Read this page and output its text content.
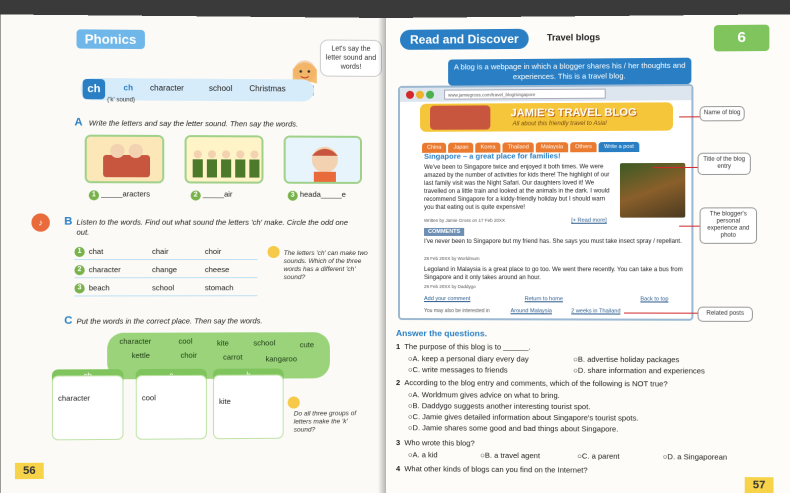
Phonics
Let's say the letter sound and words!
ch	ch character	school Christmas
('k' sound)
A Write the letters and say the letter sound. Then say the words.
1 _____aracters	2 _____air	3 heada_____e
♪	B Listen to the words. Find out what sound the letters 'ch' make. Circle the odd one out.
1 chat	chair	choir
2 character	change	cheese
3 beach	school	stomach
The letters 'ch' can make two sounds. Which of the three words has a different 'ch' sound?
C Put the words in the correct place. Then say the words.
character	cool	kite	school	cute
kettle	choir	carrot	kangaroo
character	cool	kite
Do all three groups of letters make the 'k' sound?
56
Read and Discover	Travel blogs	6
A blog is a webpage in which a blogger shares his / her thoughts and experiences. This is a travel blog.
www.jamiegross.com/travel_blog/singapore
JAMIE'S TRAVEL BLOG
All about this friendly travel to Asia!
China Japan Korea Thailand Malaysia Others Write a post
Singapore – a great place for families!
We've been to Singapore twice and enjoyed it both times. We were amazed by the number of activities for kids there! The highlight of our last family visit was the Night Safari. Our daughters loved it! We travelled on a little train and looked at the animals in the dark. I would recommend Singapore for a kiddy-friendly holiday but I should warn you that eating out is quite expensive!
Written by Jamie Gross on 17 Feb 20XX	[+ Read more]
COMMENTS
I've never been to Singapore but my friend has. She says you must take insect spray / repellant.
28 Feb 20XX by Worldmum
Legoland in Malaysia is a great place to go too. We went there recently. You can take a bus from Singapore and it only takes around an hour.
29 Feb 20XX by Daddygo
Add your comment	Return to home	Back to top
You may also be interested in	Around Malaysia	2 weeks in Thailand
Name of blog
Title of the blog entry
The blogger's personal experience and photo
Related posts
Answer the questions.
1 The purpose of this blog is to ______.
○A. keep a personal diary every day	○B. advertise holiday packages
○C. write messages to friends	○D. share information and experiences
2 According to the blog entry and comments, which of the following is NOT true?
○A. Worldmum gives advice on what to bring.
○B. Daddygo suggests another interesting tourist spot.
○C. Jamie gives detailed information about Singapore's tourist spots.
○D. Jamie shares some good and bad things about Singapore.
3 Who wrote this blog?
○A. a kid	○B. a travel agent	○C. a parent	○D. a Singaporean
4 What other kinds of blogs can you find on the Internet?
57
